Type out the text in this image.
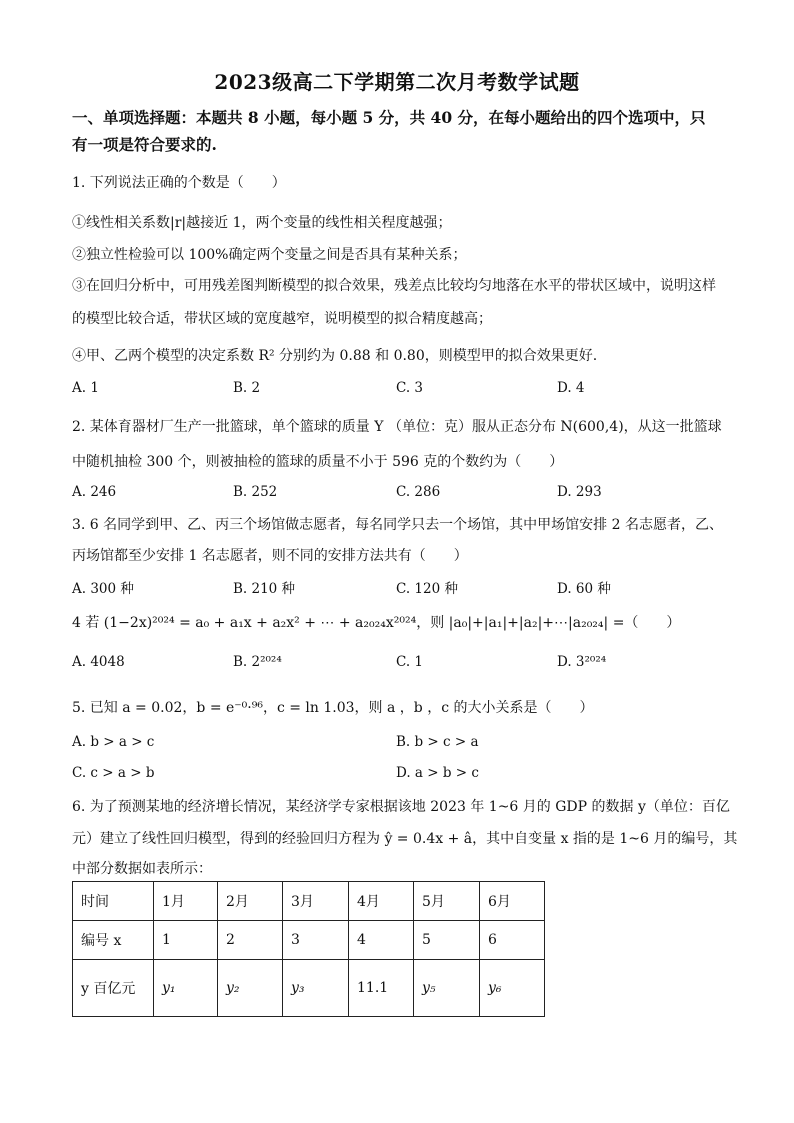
2023级高二下学期第二次月考数学试题
一、单项选择题：本题共 8 小题，每小题 5 分，共 40 分，在每小题给出的四个选项中，只
有一项是符合要求的.
1. 下列说法正确的个数是（　　）
①线性相关系数|r|越接近 1，两个变量的线性相关程度越强；
②独立性检验可以 100%确定两个变量之间是否具有某种关系；
③在回归分析中，可用残差图判断模型的拟合效果，残差点比较均匀地落在水平的带状区域中，说明这样
的模型比较合适，带状区域的宽度越窄，说明模型的拟合精度越高；
④甲、乙两个模型的决定系数 R² 分别约为 0.88 和 0.80，则模型甲的拟合效果更好.
A. 1	B. 2	C. 3	D. 4
2. 某体育器材厂生产一批篮球，单个篮球的质量 Y （单位：克）服从正态分布 N(600,4)，从这一批篮球
中随机抽检 300 个，则被抽检的篮球的质量不小于 596 克的个数约为（　　）
A. 246	B. 252	C. 286	D. 293
3. 6 名同学到甲、乙、丙三个场馆做志愿者，每名同学只去一个场馆，其中甲场馆安排 2 名志愿者，乙、
丙场馆都至少安排 1 名志愿者，则不同的安排方法共有（　　）
A. 300 种	B. 210 种	C. 120 种	D. 60 种
4 若 (1−2x)²⁰²⁴ = a₀ + a₁x + a₂x² + ⋯ + a₂₀₂₄x²⁰²⁴，则 |a₀|+|a₁|+|a₂|+⋯|a₂₀₂₄| =（　　）
A. 4048	B. 2²⁰²⁴	C. 1	D. 3²⁰²⁴
5. 已知 a = 0.02，b = e⁻⁰·⁹⁶，c = ln 1.03，则 a ，b ，c 的大小关系是（　　）
A. b > a > c	B. b > c > a
C. c > a > b	D. a > b > c
6. 为了预测某地的经济增长情况，某经济学专家根据该地 2023 年 1~6 月的 GDP 的数据 y（单位：百亿
元）建立了线性回归模型，得到的经验回归方程为 ŷ = 0.4x + â，其中自变量 x 指的是 1~6 月的编号，其
中部分数据如表所示：
时间	1月	2月	3月	4月	5月	6月
编号 x	1	2	3	4	5	6
y 百亿元	y₁	y₂	y₃	11.1	y₅	y₆
